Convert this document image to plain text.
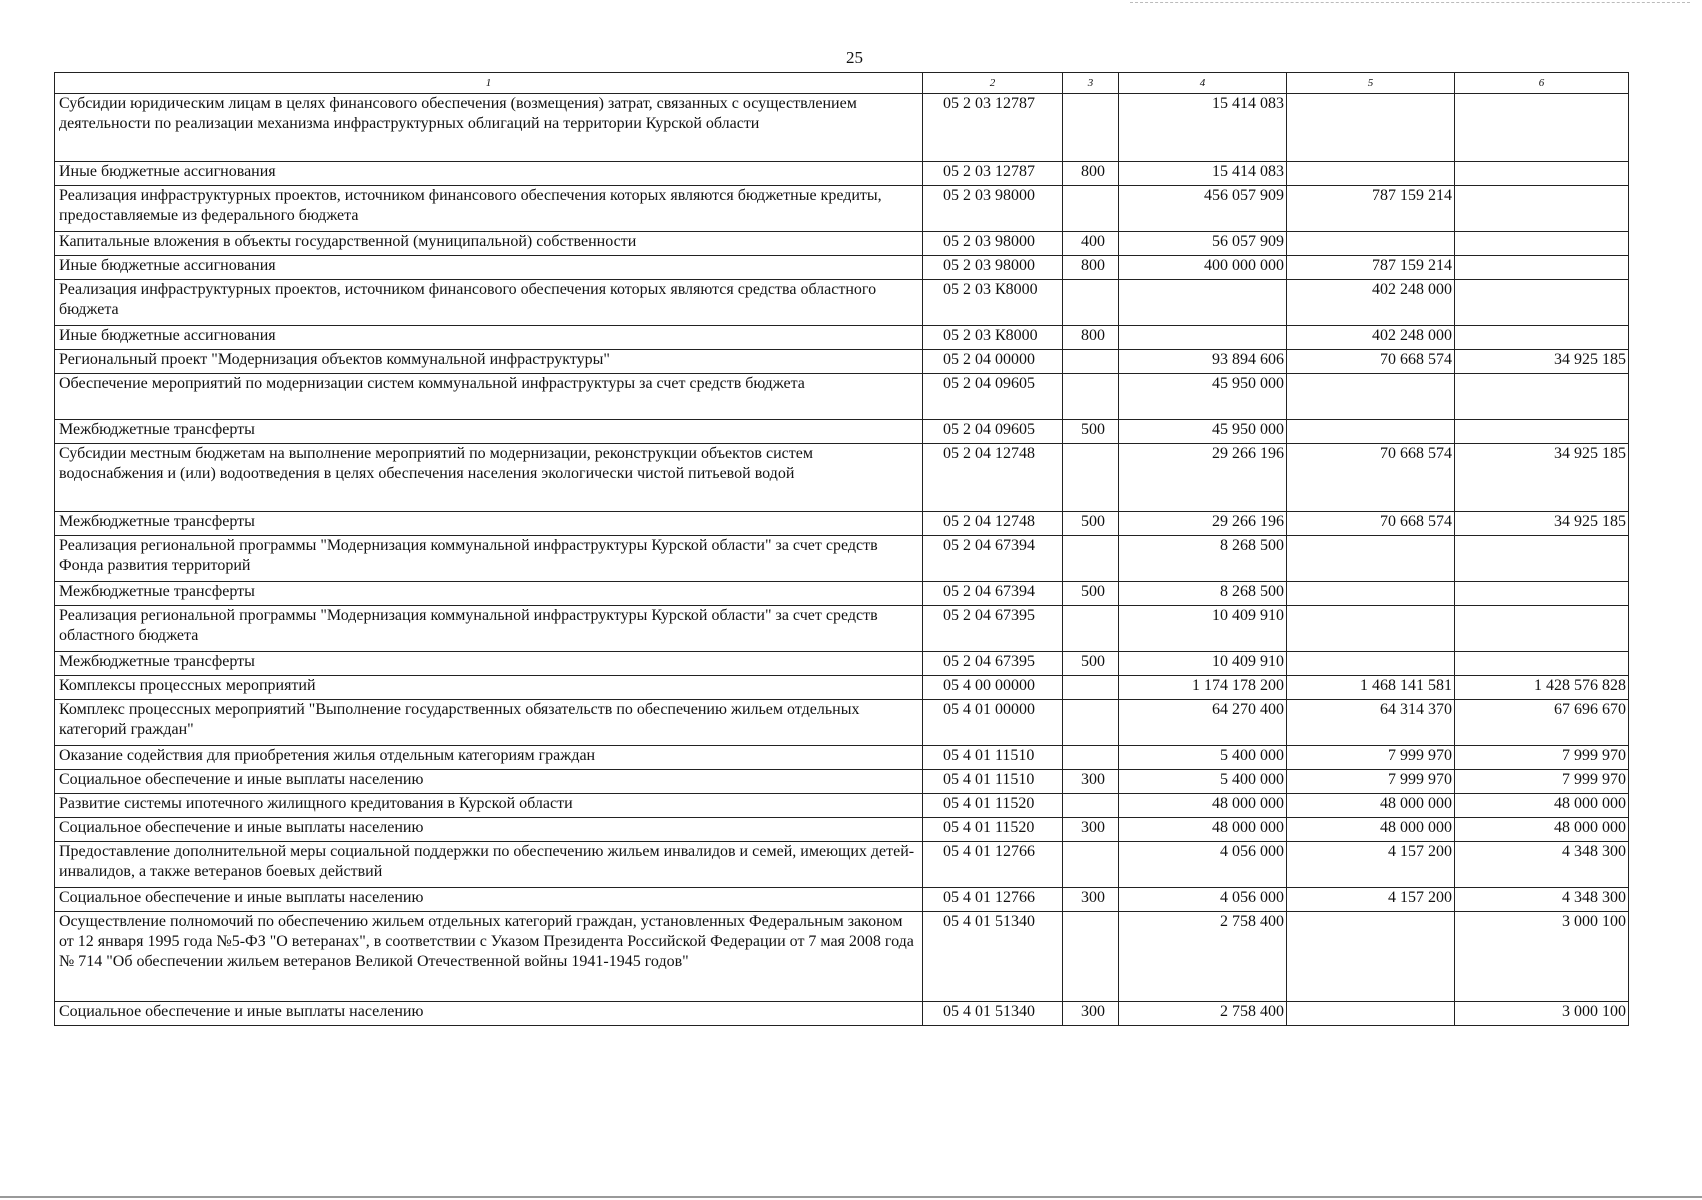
25
1	2	3	4	5	6
Субсидии юридическим лицам в целях финансового обеспечения (возмещения) затрат, связанных с осуществлением деятельности по реализации механизма инфраструктурных облигаций на территории Курской области	05 2 03 12787		15 414 083		
Иные бюджетные ассигнования	05 2 03 12787	800	15 414 083		
Реализация инфраструктурных проектов, источником финансового обеспечения которых являются бюджетные кредиты, предоставляемые из федерального бюджета	05 2 03 98000		456 057 909	787 159 214	
Капитальные вложения в объекты государственной (муниципальной) собственности	05 2 03 98000	400	56 057 909		
Иные бюджетные ассигнования	05 2 03 98000	800	400 000 000	787 159 214	
Реализация инфраструктурных проектов, источником финансового обеспечения которых являются средства областного бюджета	05 2 03 К8000			402 248 000	
Иные бюджетные ассигнования	05 2 03 К8000	800		402 248 000	
Региональный проект "Модернизация объектов коммунальной инфраструктуры"	05 2 04 00000		93 894 606	70 668 574	34 925 185
Обеспечение мероприятий по модернизации систем коммунальной инфраструктуры за счет средств бюджета	05 2 04 09605		45 950 000		
Межбюджетные трансферты	05 2 04 09605	500	45 950 000		
Субсидии местным бюджетам на выполнение мероприятий по модернизации, реконструкции объектов систем водоснабжения и (или) водоотведения в целях обеспечения населения экологически чистой питьевой водой	05 2 04 12748		29 266 196	70 668 574	34 925 185
Межбюджетные трансферты	05 2 04 12748	500	29 266 196	70 668 574	34 925 185
Реализация региональной программы "Модернизация коммунальной инфраструктуры Курской области" за счет средств Фонда развития территорий	05 2 04 67394		8 268 500		
Межбюджетные трансферты	05 2 04 67394	500	8 268 500		
Реализация региональной программы "Модернизация коммунальной инфраструктуры Курской области" за счет средств областного бюджета	05 2 04 67395		10 409 910		
Межбюджетные трансферты	05 2 04 67395	500	10 409 910		
Комплексы процессных мероприятий	05 4 00 00000		1 174 178 200	1 468 141 581	1 428 576 828
Комплекс процессных мероприятий "Выполнение государственных обязательств по обеспечению жильем отдельных категорий граждан"	05 4 01 00000		64 270 400	64 314 370	67 696 670
Оказание содействия для приобретения жилья отдельным категориям граждан	05 4 01 11510		5 400 000	7 999 970	7 999 970
Социальное обеспечение и иные выплаты населению	05 4 01 11510	300	5 400 000	7 999 970	7 999 970
Развитие системы ипотечного жилищного кредитования в Курской области	05 4 01 11520		48 000 000	48 000 000	48 000 000
Социальное обеспечение и иные выплаты населению	05 4 01 11520	300	48 000 000	48 000 000	48 000 000
Предоставление дополнительной меры социальной поддержки по обеспечению жильем инвалидов и семей, имеющих детей-инвалидов, а также ветеранов боевых действий	05 4 01 12766		4 056 000	4 157 200	4 348 300
Социальное обеспечение и иные выплаты населению	05 4 01 12766	300	4 056 000	4 157 200	4 348 300
Осуществление полномочий по обеспечению жильем отдельных категорий граждан, установленных Федеральным законом от 12 января 1995 года №5-ФЗ "О ветеранах", в соответствии с Указом Президента Российской Федерации от 7 мая 2008 года № 714 "Об обеспечении жильем ветеранов Великой Отечественной войны 1941-1945 годов"	05 4 01 51340		2 758 400		3 000 100
Социальное обеспечение и иные выплаты населению	05 4 01 51340	300	2 758 400		3 000 100
